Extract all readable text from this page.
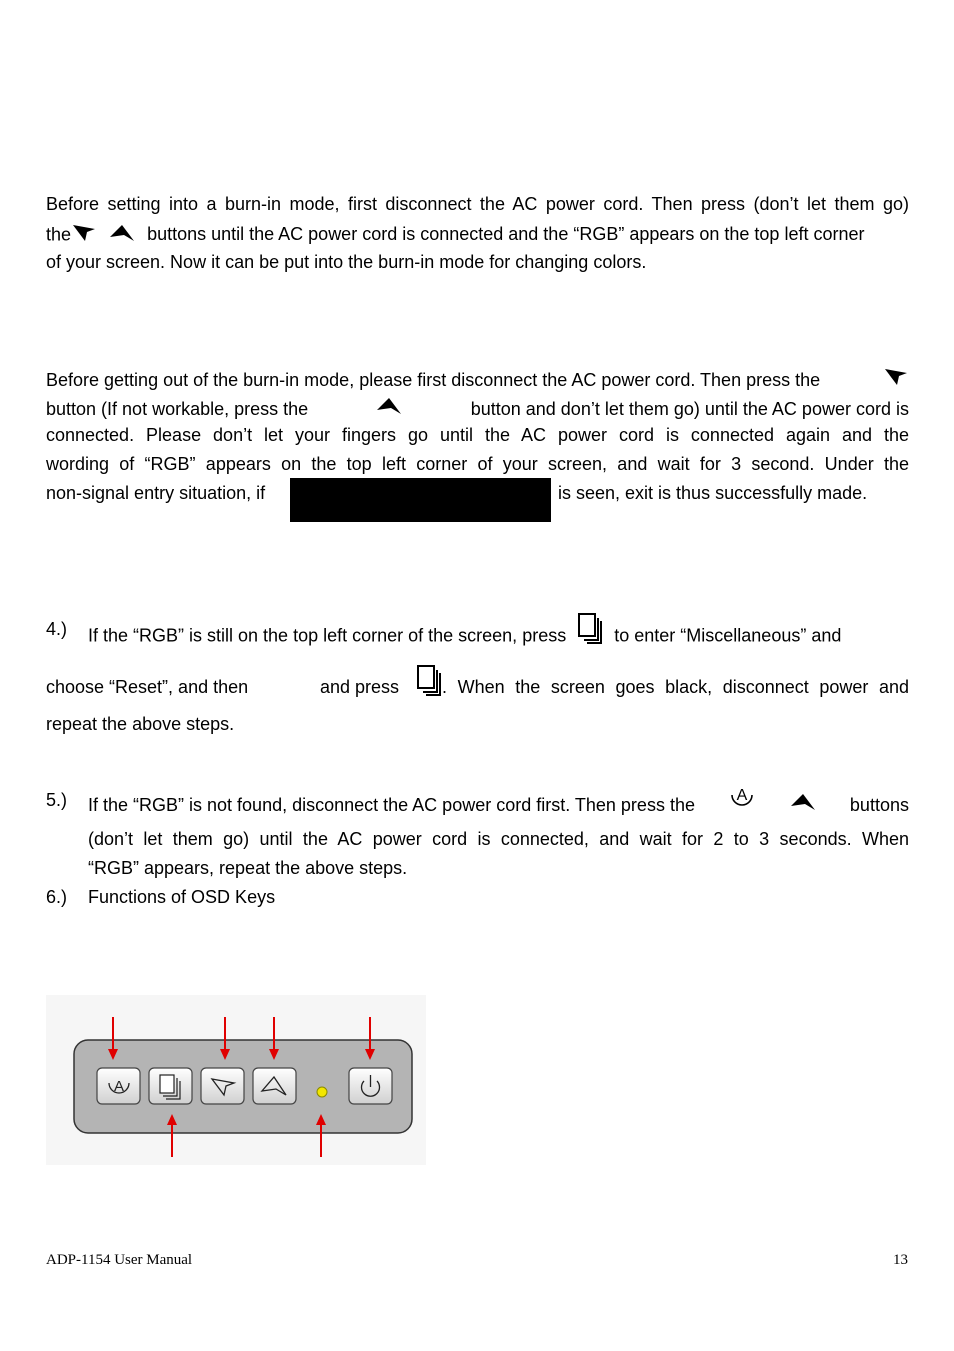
Before setting into a burn-in mode, first disconnect the AC power cord. Then press (don’t let them go)
the	buttons until the AC power cord is connected and the “RGB” appears on the top left corner
of your screen. Now it can be put into the burn-in mode for changing colors.
Before getting out of the burn-in mode, please first disconnect the AC power cord. Then press the
button (If not workable, press the	button and don’t let them go) until the AC power cord is
connected. Please don’t let your fingers go until the AC power cord is connected again and the
wording of “RGB” appears on the top left corner of your screen, and wait for 3 second. Under the
non-signal entry situation, if	is seen, exit is thus successfully made.
4.) If the “RGB” is still on the top left corner of the screen, press	to enter “Miscellaneous” and
choose “Reset”, and then	and press . When the screen goes black, disconnect power and
repeat the above steps.
5.) If the “RGB” is not found, disconnect the AC power cord first. Then press the	A	buttons
(don’t let them go) until the AC power cord is connected, and wait for 2 to 3 seconds. When
“RGB” appears, repeat the above steps.
6.) Functions of OSD Keys
A
ADP-1154 User Manual	13
